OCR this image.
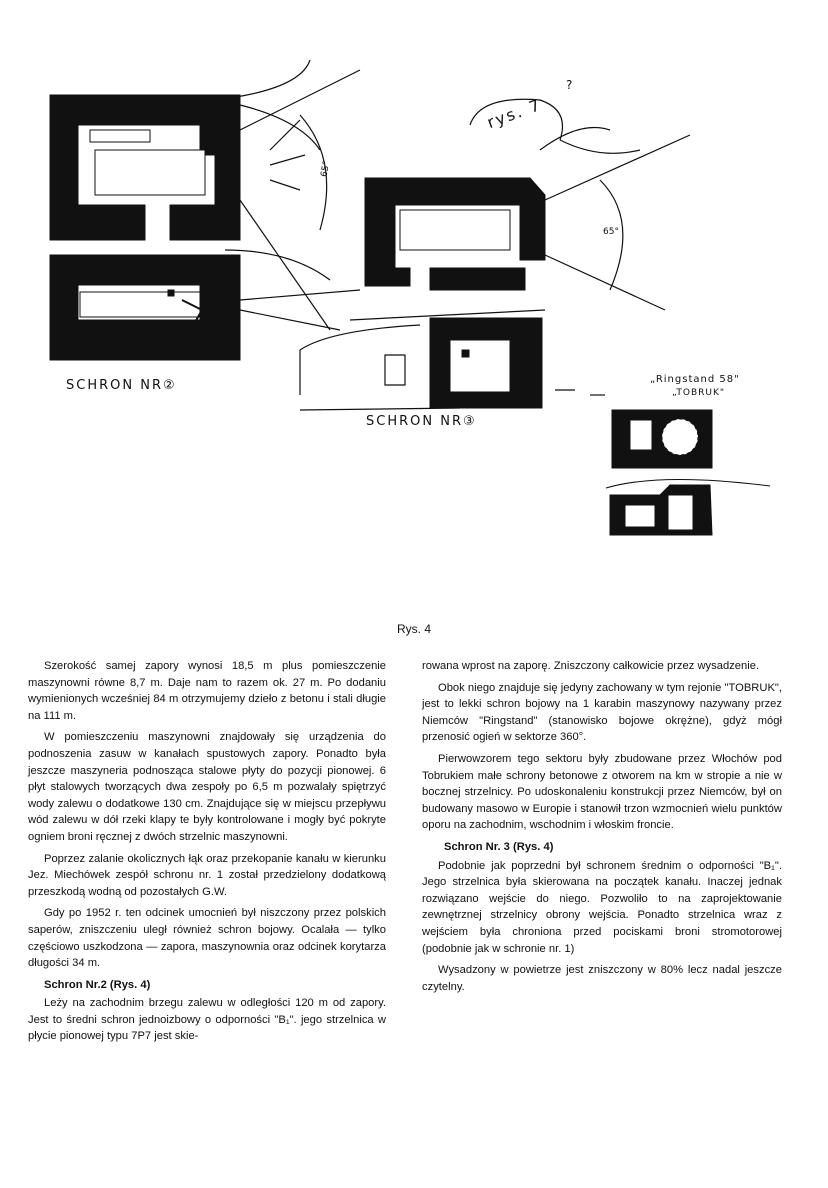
SCHRON NR②
SCHRON NR③
rys. 7
?
„Ringstand 58"
„TOBRUK"
65°
65°
Rys. 4

Szerokość samej zapory wynosi 18,5 m plus pomieszczenie maszynowni równe 8,7 m. Daje nam to razem ok. 27 m. Po dodaniu wymienionych wcześniej 84 m otrzymujemy dzieło z betonu i stali długie na 111 m.

W pomieszczeniu maszynowni znajdowały się urządzenia do podnoszenia zasuw w kanałach spustowych zapory. Ponadto była jeszcze maszyneria podnosząca stalowe płyty do pozycji pionowej. 6 płyt stalowych tworzących dwa zespoły po 6,5 m pozwalały spiętrzyć wody zalewu o dodatkowe 130 cm. Znajdujące się w miejscu przepływu wód zalewu w dół rzeki klapy te były kontrolowane i mogły być pokryte ogniem broni ręcznej z dwóch strzelnic maszynowni.

Poprzez zalanie okolicznych łąk oraz przekopanie kanału w kierunku Jez. Miechówek zespół schronu nr. 1 został przedzielony dodatkową przeszkodą wodną od pozostałych G.W.

Gdy po 1952 r. ten odcinek umocnień był niszczony przez polskich saperów, zniszczeniu uległ również schron bojowy. Ocalała — tylko częściowo uszkodzona — zapora, maszynownia oraz odcinek korytarza długości 34 m.

Schron Nr.2 (Rys. 4)

Leży na zachodnim brzegu zalewu w odległości 120 m od zapory. Jest to średni schron jednoizbowy o odporności "B₁". jego strzelnica w płycie pionowej typu 7P7 jest skie-

rowana wprost na zaporę. Zniszczony całkowicie przez wysadzenie.

Obok niego znajduje się jedyny zachowany w tym rejonie "TOBRUK", jest to lekki schron bojowy na 1 karabin maszynowy nazywany przez Niemców "Ringstand" (stanowisko bojowe okrężne), gdyż mógł przenosić ogień w sektorze 360°.

Pierwowzorem tego sektoru były zbudowane przez Włochów pod Tobrukiem małe schrony betonowe z otworem na km w stropie a nie w bocznej strzelnicy. Po udoskonaleniu konstrukcji przez Niemców, był on budowany masowo w Europie i stanowił trzon wzmocnień wielu punktów oporu na zachodnim, wschodnim i włoskim froncie.

Schron Nr. 3 (Rys. 4)

Podobnie jak poprzedni był schronem średnim o odporności "B₁". Jego strzelnica była skierowana na początek kanału. Inaczej jednak rozwiązano wejście do niego. Pozwoliło to na zaprojektowanie zewnętrznej strzelnicy obrony wejścia. Ponadto strzelnica wraz z wejściem była chroniona przed pociskami broni stromotorowej (podobnie jak w schronie nr. 1)

Wysadzony w powietrze jest zniszczony w 80% lecz nadal jeszcze czytelny.
